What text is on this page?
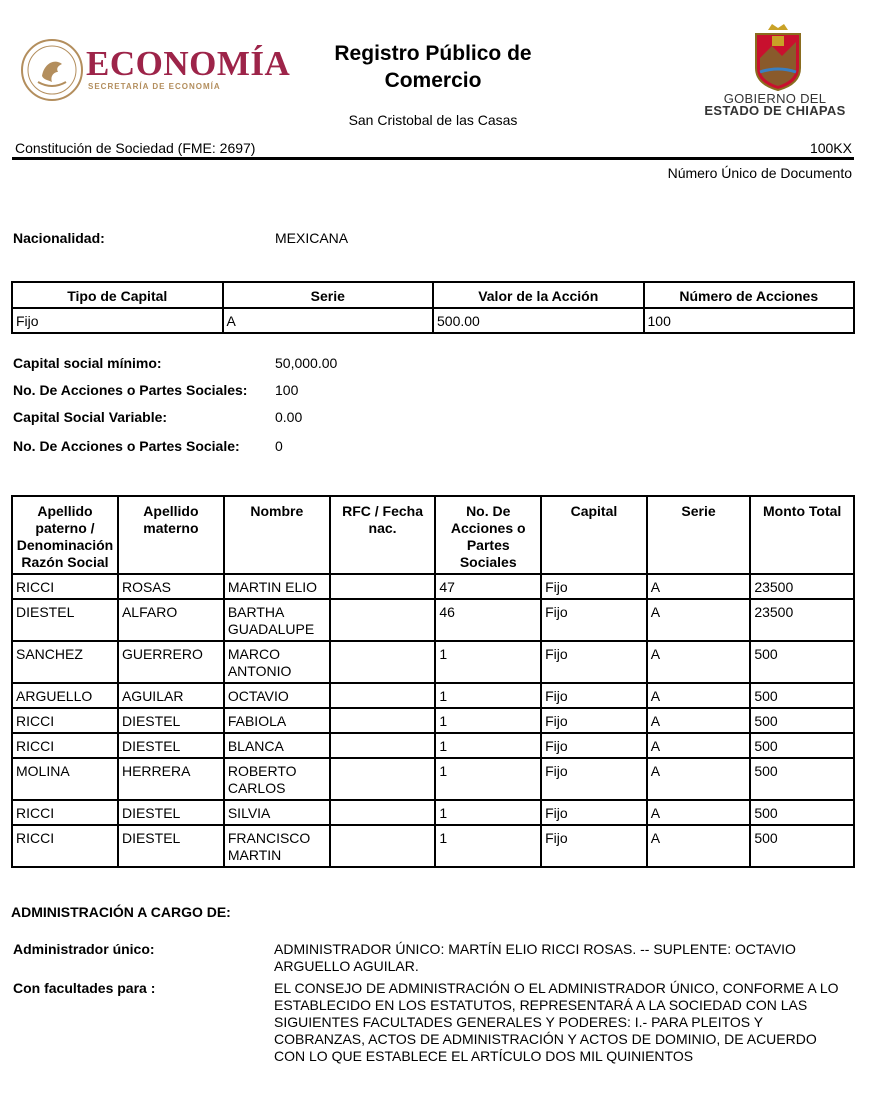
ECONOMÍA
SECRETARÍA DE ECONOMÍA
Registro Público de Comercio
San Cristobal de las Casas
GOBIERNO DEL
ESTADO DE CHIAPAS
Constitución de Sociedad (FME: 2697)	100KX
Número Único de Documento
Nacionalidad:	MEXICANA
Tipo de Capital	Serie	Valor de la Acción	Número de Acciones
Fijo	A	500.00	100
Capital social mínimo:	50,000.00
No. De Acciones o Partes Sociales: 100
Capital Social Variable:	0.00
No. De Acciones o Partes Sociale:	0
Apellido paterno / Denominación Razón Social	Apellido materno	Nombre	RFC / Fecha nac.	No. De Acciones o Partes Sociales	Capital	Serie	Monto Total
RICCI	ROSAS	MARTIN ELIO		47	Fijo	A	23500
DIESTEL	ALFARO	BARTHA GUADALUPE		46	Fijo	A	23500
SANCHEZ	GUERRERO	MARCO ANTONIO		1	Fijo	A	500
ARGUELLO	AGUILAR	OCTAVIO		1	Fijo	A	500
RICCI	DIESTEL	FABIOLA		1	Fijo	A	500
RICCI	DIESTEL	BLANCA		1	Fijo	A	500
MOLINA	HERRERA	ROBERTO CARLOS		1	Fijo	A	500
RICCI	DIESTEL	SILVIA		1	Fijo	A	500
RICCI	DIESTEL	FRANCISCO MARTIN		1	Fijo	A	500
ADMINISTRACIÓN A CARGO DE:
Administrador único:	ADMINISTRADOR ÚNICO: MARTÍN ELIO RICCI ROSAS. -- SUPLENTE: OCTAVIO ARGUELLO AGUILAR.
Con facultades para :	EL CONSEJO DE ADMINISTRACIÓN O EL ADMINISTRADOR ÚNICO, CONFORME A LO ESTABLECIDO EN LOS ESTATUTOS, REPRESENTARÁ A LA SOCIEDAD CON LAS SIGUIENTES FACULTADES GENERALES Y PODERES: I.- PARA PLEITOS Y COBRANZAS, ACTOS DE ADMINISTRACIÓN Y ACTOS DE DOMINIO, DE ACUERDO CON LO QUE ESTABLECE EL ARTÍCULO DOS MIL QUINIENTOS
